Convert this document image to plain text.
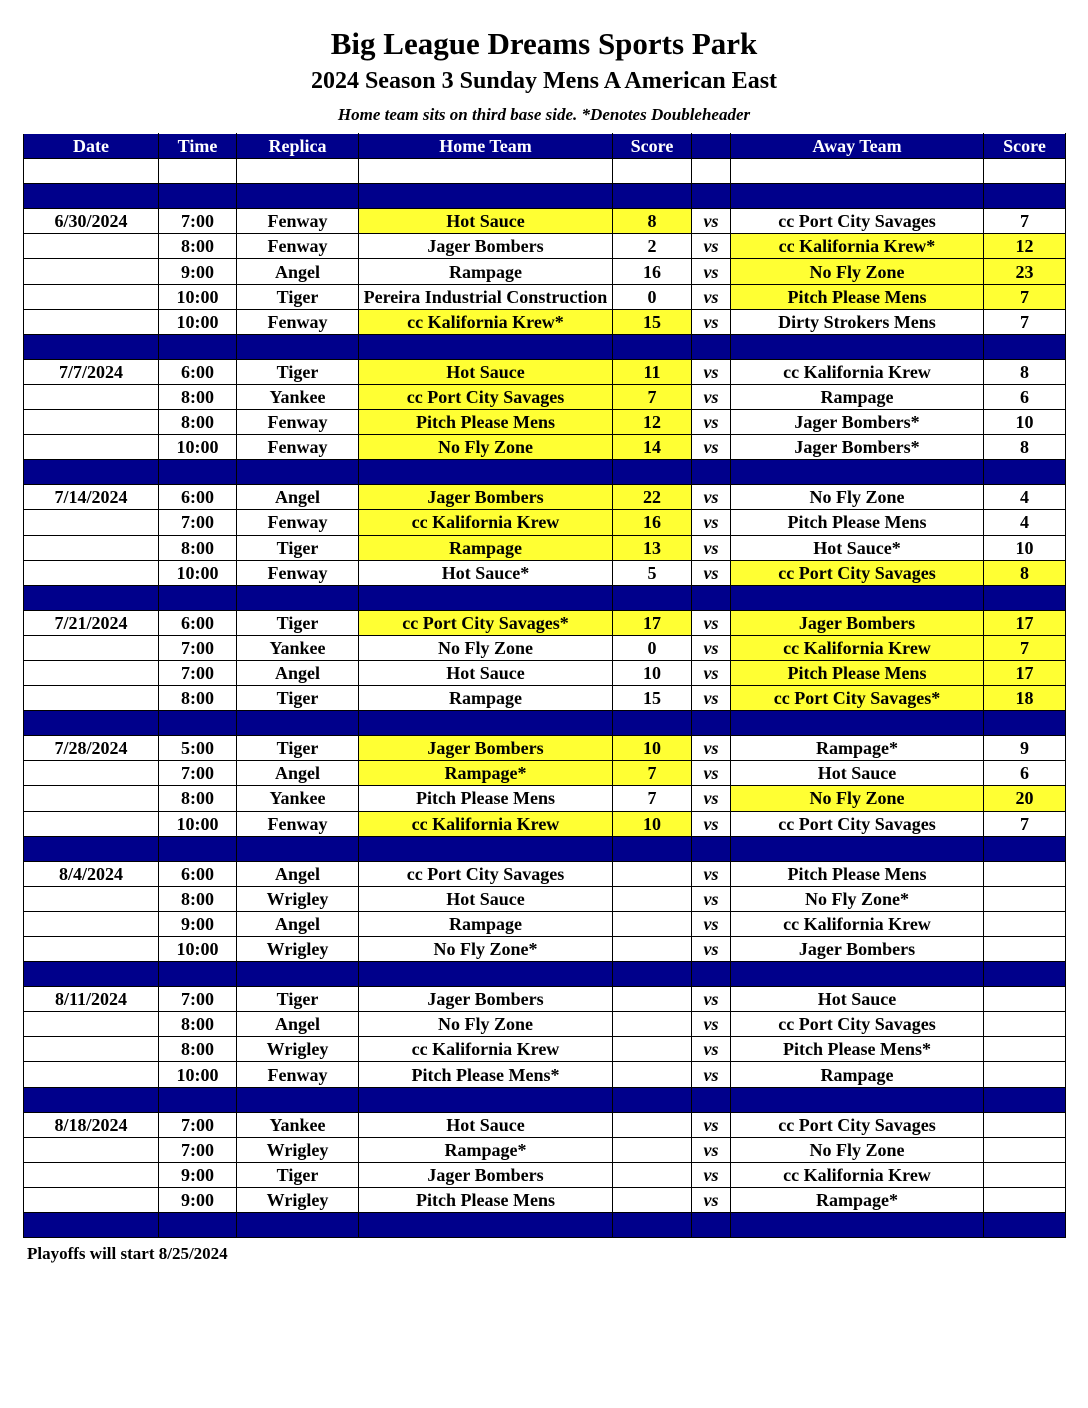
Big League Dreams Sports Park
2024 Season 3 Sunday Mens A American East
Home team sits on third base side. *Denotes Doubleheader
Date	Time	Replica	Home Team	Score		Away Team	Score

6/30/2024	7:00	Fenway	Hot Sauce	8	vs	cc Port City Savages	7
	8:00	Fenway	Jager Bombers	2	vs	cc Kalifornia Krew*	12
	9:00	Angel	Rampage	16	vs	No Fly Zone	23
	10:00	Tiger	Pereira Industrial Construction	0	vs	Pitch Please Mens	7
	10:00	Fenway	cc Kalifornia Krew*	15	vs	Dirty Strokers Mens	7

7/7/2024	6:00	Tiger	Hot Sauce	11	vs	cc Kalifornia Krew	8
	8:00	Yankee	cc Port City Savages	7	vs	Rampage	6
	8:00	Fenway	Pitch Please Mens	12	vs	Jager Bombers*	10
	10:00	Fenway	No Fly Zone	14	vs	Jager Bombers*	8

7/14/2024	6:00	Angel	Jager Bombers	22	vs	No Fly Zone	4
	7:00	Fenway	cc Kalifornia Krew	16	vs	Pitch Please Mens	4
	8:00	Tiger	Rampage	13	vs	Hot Sauce*	10
	10:00	Fenway	Hot Sauce*	5	vs	cc Port City Savages	8

7/21/2024	6:00	Tiger	cc Port City Savages*	17	vs	Jager Bombers	17
	7:00	Yankee	No Fly Zone	0	vs	cc Kalifornia Krew	7
	7:00	Angel	Hot Sauce	10	vs	Pitch Please Mens	17
	8:00	Tiger	Rampage	15	vs	cc Port City Savages*	18

7/28/2024	5:00	Tiger	Jager Bombers	10	vs	Rampage*	9
	7:00	Angel	Rampage*	7	vs	Hot Sauce	6
	8:00	Yankee	Pitch Please Mens	7	vs	No Fly Zone	20
	10:00	Fenway	cc Kalifornia Krew	10	vs	cc Port City Savages	7

8/4/2024	6:00	Angel	cc Port City Savages		vs	Pitch Please Mens	
	8:00	Wrigley	Hot Sauce		vs	No Fly Zone*	
	9:00	Angel	Rampage		vs	cc Kalifornia Krew	
	10:00	Wrigley	No Fly Zone*		vs	Jager Bombers	

8/11/2024	7:00	Tiger	Jager Bombers		vs	Hot Sauce	
	8:00	Angel	No Fly Zone		vs	cc Port City Savages	
	8:00	Wrigley	cc Kalifornia Krew		vs	Pitch Please Mens*	
	10:00	Fenway	Pitch Please Mens*		vs	Rampage	

8/18/2024	7:00	Yankee	Hot Sauce		vs	cc Port City Savages	
	7:00	Wrigley	Rampage*		vs	No Fly Zone	
	9:00	Tiger	Jager Bombers		vs	cc Kalifornia Krew	
	9:00	Wrigley	Pitch Please Mens		vs	Rampage*	

Playoffs will start 8/25/2024
